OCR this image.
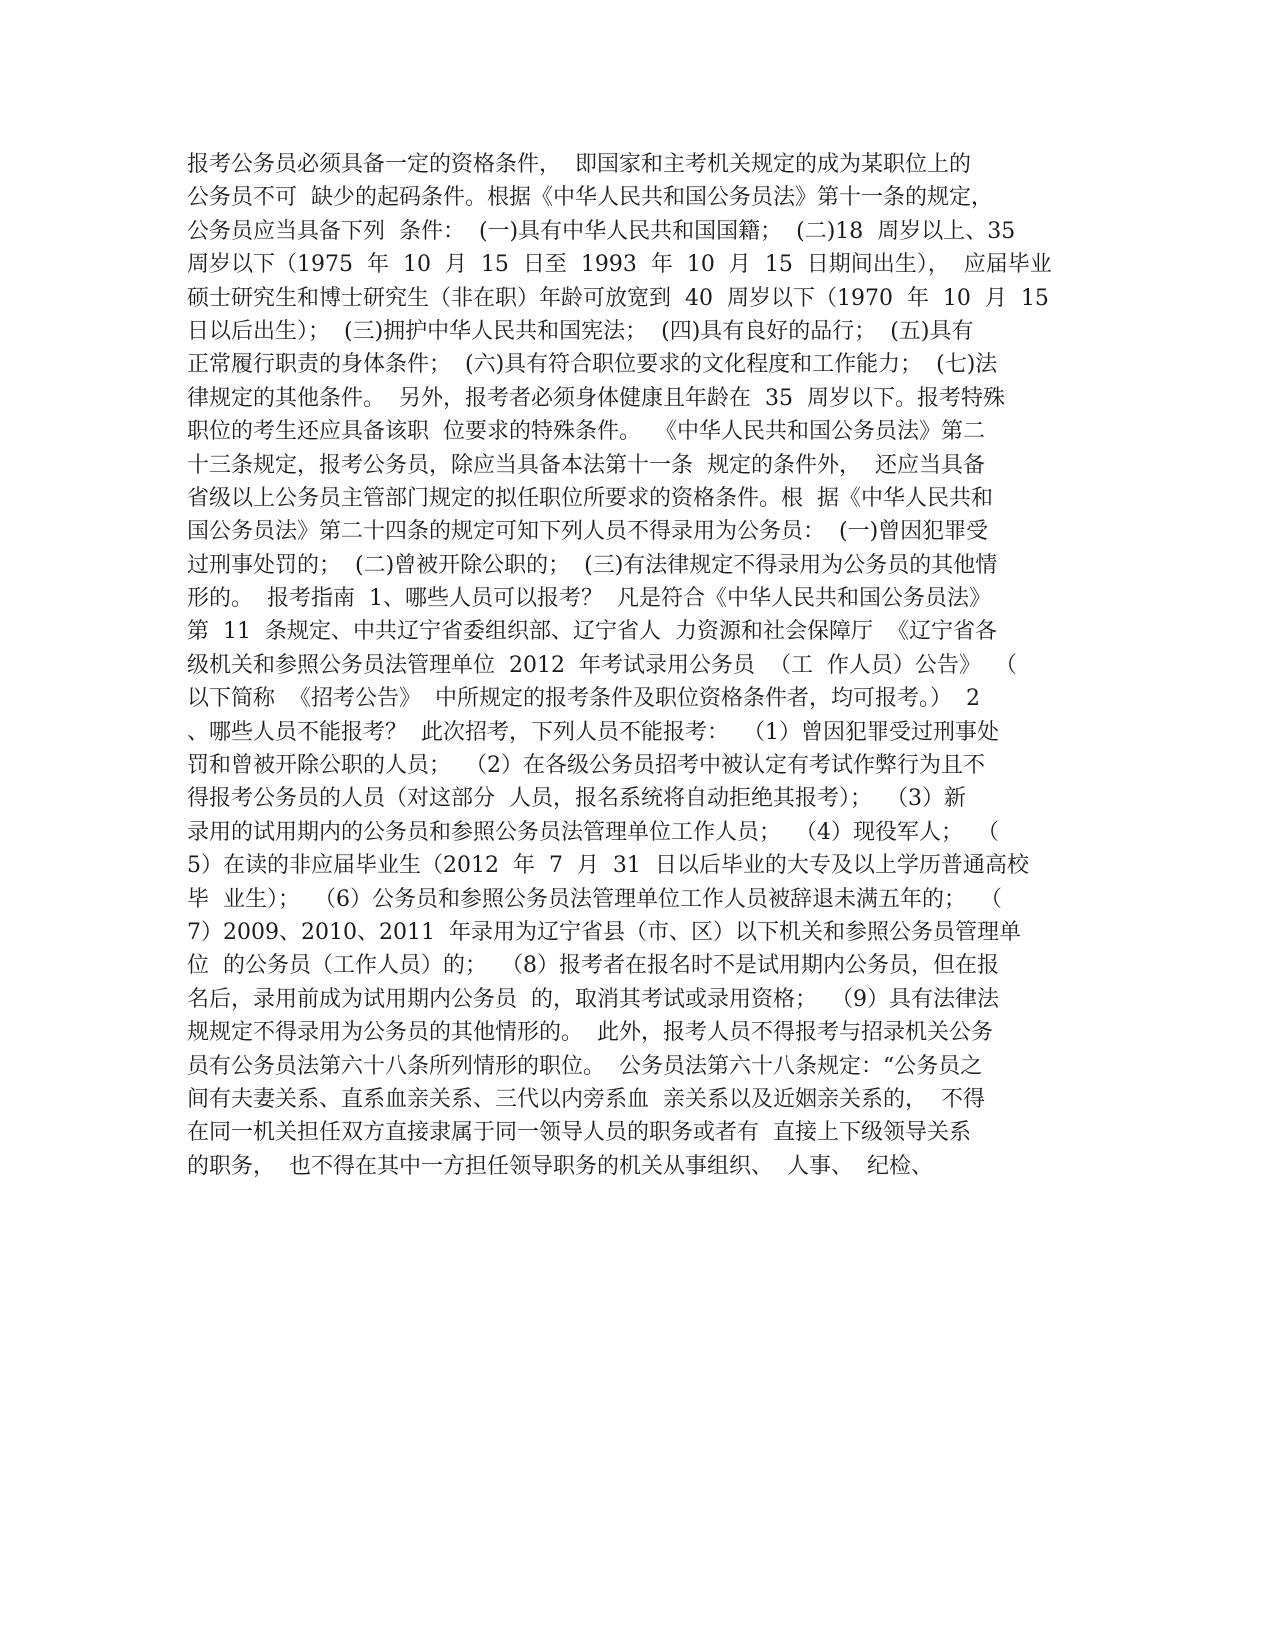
报考公务员必须具备一定的资格条件，  即国家和主考机关规定的成为某职位上的
公务员不可  缺少的起码条件。根据《中华人民共和国公务员法》第十一条的规定，
公务员应当具备下列  条件：  (一)具有中华人民共和国国籍；  (二)18  周岁以上、35
周岁以下（1975  年  10  月  15  日至  1993  年  10  月  15  日期间出生），  应届毕业
硕士研究生和博士研究生（非在职）年龄可放宽到  40  周岁以下（1970  年  10  月  15
日以后出生）；  (三)拥护中华人民共和国宪法；  (四)具有良好的品行；  (五)具有
正常履行职责的身体条件；  (六)具有符合职位要求的文化程度和工作能力；  (七)法
律规定的其他条件。  另外，报考者必须身体健康且年龄在  35  周岁以下。报考特殊
职位的考生还应具备该职  位要求的特殊条件。  《中华人民共和国公务员法》第二
十三条规定，报考公务员，除应当具备本法第十一条  规定的条件外，  还应当具备
省级以上公务员主管部门规定的拟任职位所要求的资格条件。根  据《中华人民共和
国公务员法》第二十四条的规定可知下列人员不得录用为公务员：  (一)曾因犯罪受
过刑事处罚的；  (二)曾被开除公职的；  (三)有法律规定不得录用为公务员的其他情
形的。  报考指南  1、哪些人员可以报考？  凡是符合《中华人民共和国公务员法》
第  11  条规定、中共辽宁省委组织部、辽宁省人  力资源和社会保障厅  《辽宁省各
级机关和参照公务员法管理单位  2012  年考试录用公务员  （工  作人员）公告》  （
以下简称  《招考公告》  中所规定的报考条件及职位资格条件者，均可报考。）  2
、哪些人员不能报考？  此次招考，下列人员不能报考：  （1）曾因犯罪受过刑事处
罚和曾被开除公职的人员；  （2）在各级公务员招考中被认定有考试作弊行为且不
得报考公务员的人员（对这部分  人员，报名系统将自动拒绝其报考）；  （3）新
录用的试用期内的公务员和参照公务员法管理单位工作人员；  （4）现役军人；  （
5）在读的非应届毕业生（2012  年  7  月  31  日以后毕业的大专及以上学历普通高校
毕  业生）；  （6）公务员和参照公务员法管理单位工作人员被辞退未满五年的；  （
7）2009、2010、2011  年录用为辽宁省县（市、区）以下机关和参照公务员管理单
位  的公务员（工作人员）的；  （8）报考者在报名时不是试用期内公务员，但在报
名后，录用前成为试用期内公务员  的，取消其考试或录用资格；  （9）具有法律法
规规定不得录用为公务员的其他情形的。  此外，报考人员不得报考与招录机关公务
员有公务员法第六十八条所列情形的职位。  公务员法第六十八条规定：“公务员之
间有夫妻关系、直系血亲关系、三代以内旁系血  亲关系以及近姻亲关系的，  不得
在同一机关担任双方直接隶属于同一领导人员的职务或者有  直接上下级领导关系
的职务，  也不得在其中一方担任领导职务的机关从事组织、  人事、  纪检、
